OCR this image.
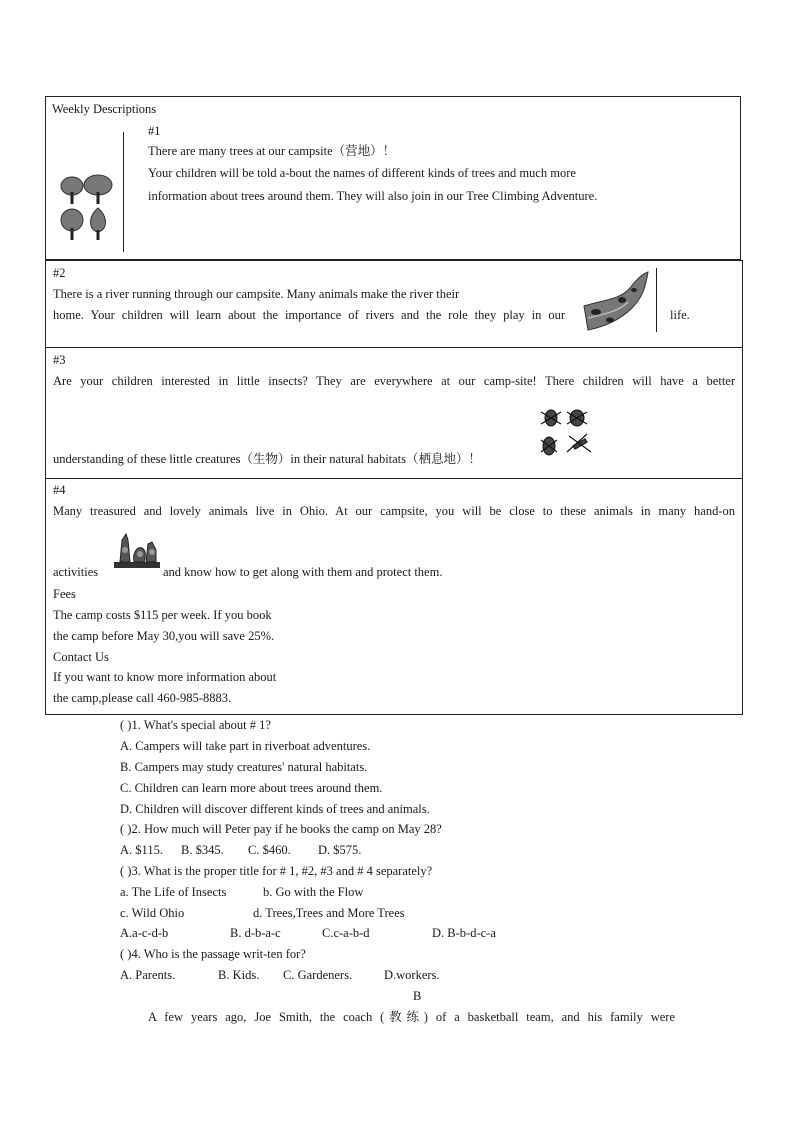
Weekly Descriptions
#1
There are many trees at our campsite（营地）！
Your children will be told a-bout the names of different kinds of trees and much more
information about trees around them. They will also join in our Tree Climbing Adventure.
#2
There is a river running through our campsite. Many animals make the river their
home. Your children will learn about the importance of rivers and the role they play in our	life.
#3
Are your children interested in little insects? They are everywhere at our camp-site! There children will have a better
understanding of these little creatures（生物）in their natural habitats（栖息地）！
#4
Many treasured and lovely animals live in Ohio. At our campsite, you will be close to these animals in many hand-on
activities	and know how to get along with them and protect them.
Fees
The camp costs $115 per week. If you book
the camp before May 30,you will save 25%.
Contact Us
If you want to know more information about
the camp,please call 460-985-8883.
( )1. What's special about # 1?
A. Campers will take part in riverboat adventures.
B. Campers may study creatures' natural habitats.
C. Children can learn more about trees around them.
D. Children will discover different kinds of trees and animals.
( )2. How much will Peter pay if he books the camp on May 28?
A. $115. B. $345. C. $460. D. $575.
( )3. What is the proper title for # 1, #2, #3 and # 4 separately?
a. The Life of Insects	b. Go with the Flow
c. Wild Ohio	d. Trees,Trees and More Trees
A.a-c-d-b	B. d-b-a-c	C.c-a-b-d	D. B-b-d-c-a
( )4. Who is the passage writ-ten for?
A. Parents.	B. Kids. C. Gardeners.	D.workers.
B
A few years ago, Joe Smith, the coach (教练) of a basketball team, and his family were
